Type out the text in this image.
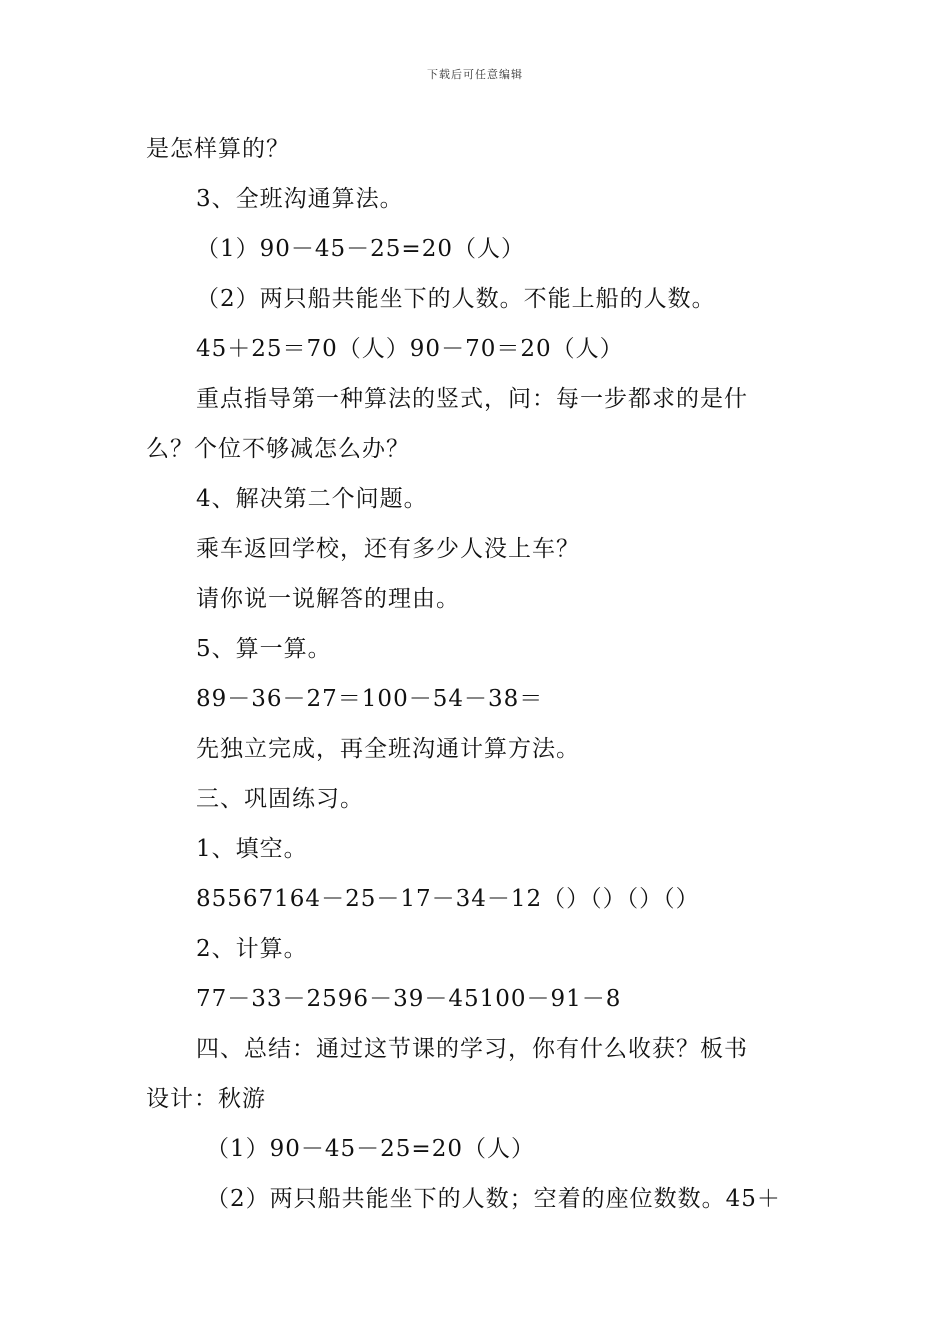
下载后可任意编辑
是怎样算的？
3、全班沟通算法。
（1）90－45－25=20（人）
（2）两只船共能坐下的人数。不能上船的人数。
45＋25＝70（人）90－70＝20（人）
重点指导第一种算法的竖式，问：每一步都求的是什
么？个位不够减怎么办？
4、解决第二个问题。
乘车返回学校，还有多少人没上车？
请你说一说解答的理由。
5、算一算。
89－36－27＝100－54－38＝
先独立完成，再全班沟通计算方法。
三、巩固练习。
1、填空。
85567164－25－17－34－12（）（）（）（）
2、计算。
77－33－2596－39－45100－91－8
四、总结：通过这节课的学习，你有什么收获？板书
设计：秋游
（1）90－45－25=20（人）
（2）两只船共能坐下的人数；空着的座位数数。45＋
